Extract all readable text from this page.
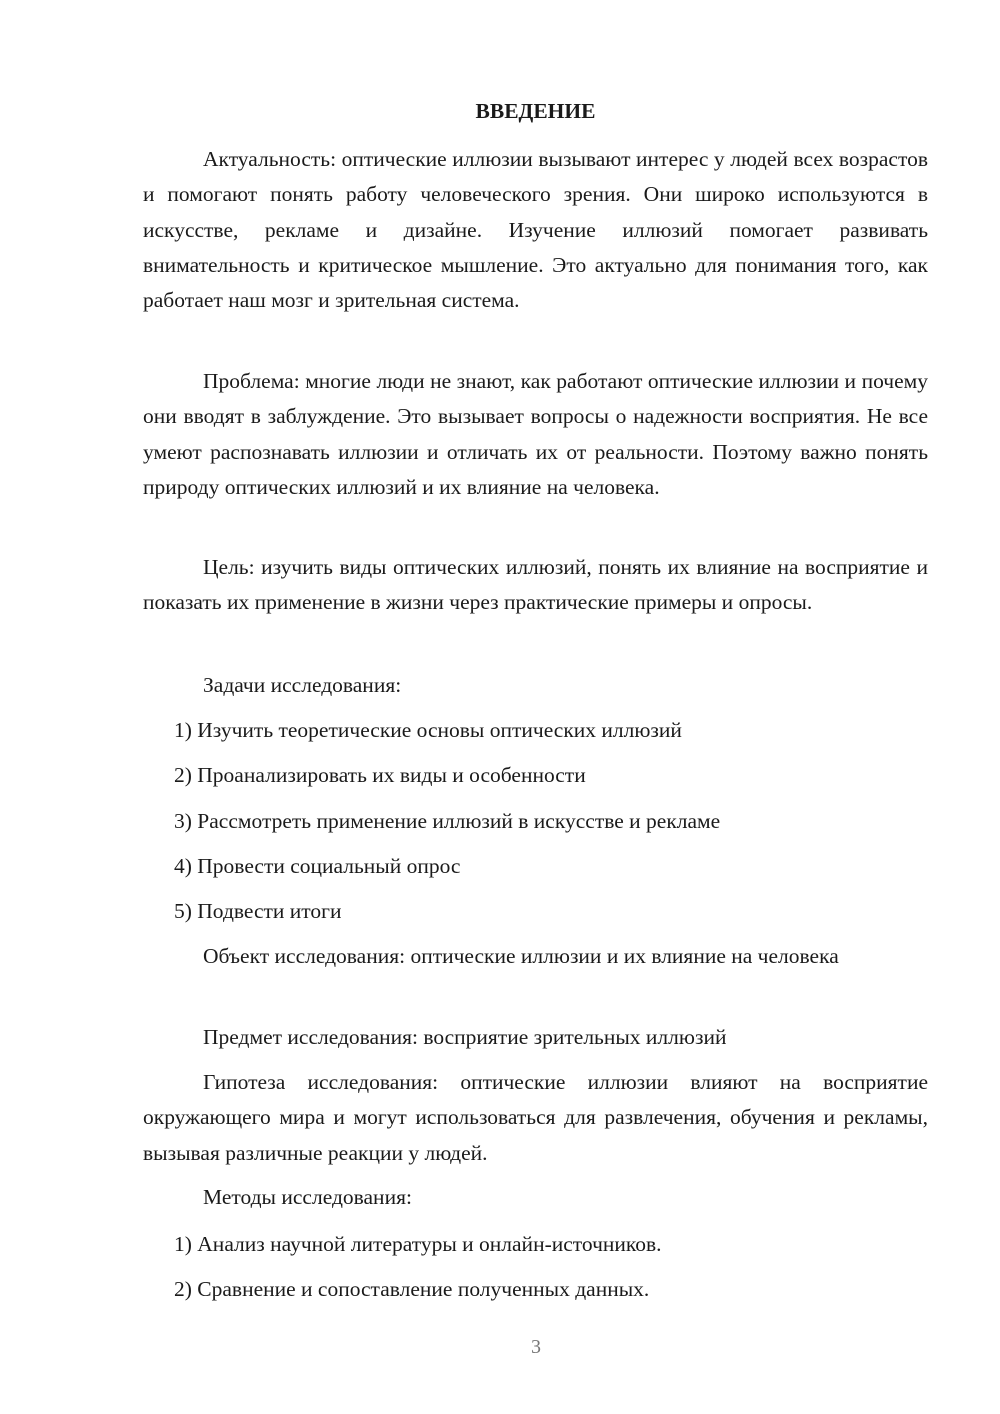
ВВЕДЕНИЕ

Актуальность: оптические иллюзии вызывают интерес у людей всех возрастов и помогают понять работу человеческого зрения. Они широко используются в искусстве, рекламе и дизайне. Изучение иллюзий помогает развивать внимательность и критическое мышление. Это актуально для понимания того, как работает наш мозг и зрительная система.

Проблема: многие люди не знают, как работают оптические иллюзии и почему они вводят в заблуждение. Это вызывает вопросы о надежности восприятия. Не все умеют распознавать иллюзии и отличать их от реальности. Поэтому важно понять природу оптических иллюзий и их влияние на человека.

Цель: изучить виды оптических иллюзий, понять их влияние на восприятие и показать их применение в жизни через практические примеры и опросы.

Задачи исследования:
1) Изучить теоретические основы оптических иллюзий
2) Проанализировать их виды и особенности
3) Рассмотреть применение иллюзий в искусстве и рекламе
4) Провести социальный опрос
5) Подвести итоги

Объект исследования: оптические иллюзии и их влияние на человека

Предмет исследования: восприятие зрительных иллюзий

Гипотеза исследования: оптические иллюзии влияют на восприятие окружающего мира и могут использоваться для развлечения, обучения и рекламы, вызывая различные реакции у людей.

Методы исследования:
1) Анализ научной литературы и онлайн-источников.
2) Сравнение и сопоставление полученных данных.
3
